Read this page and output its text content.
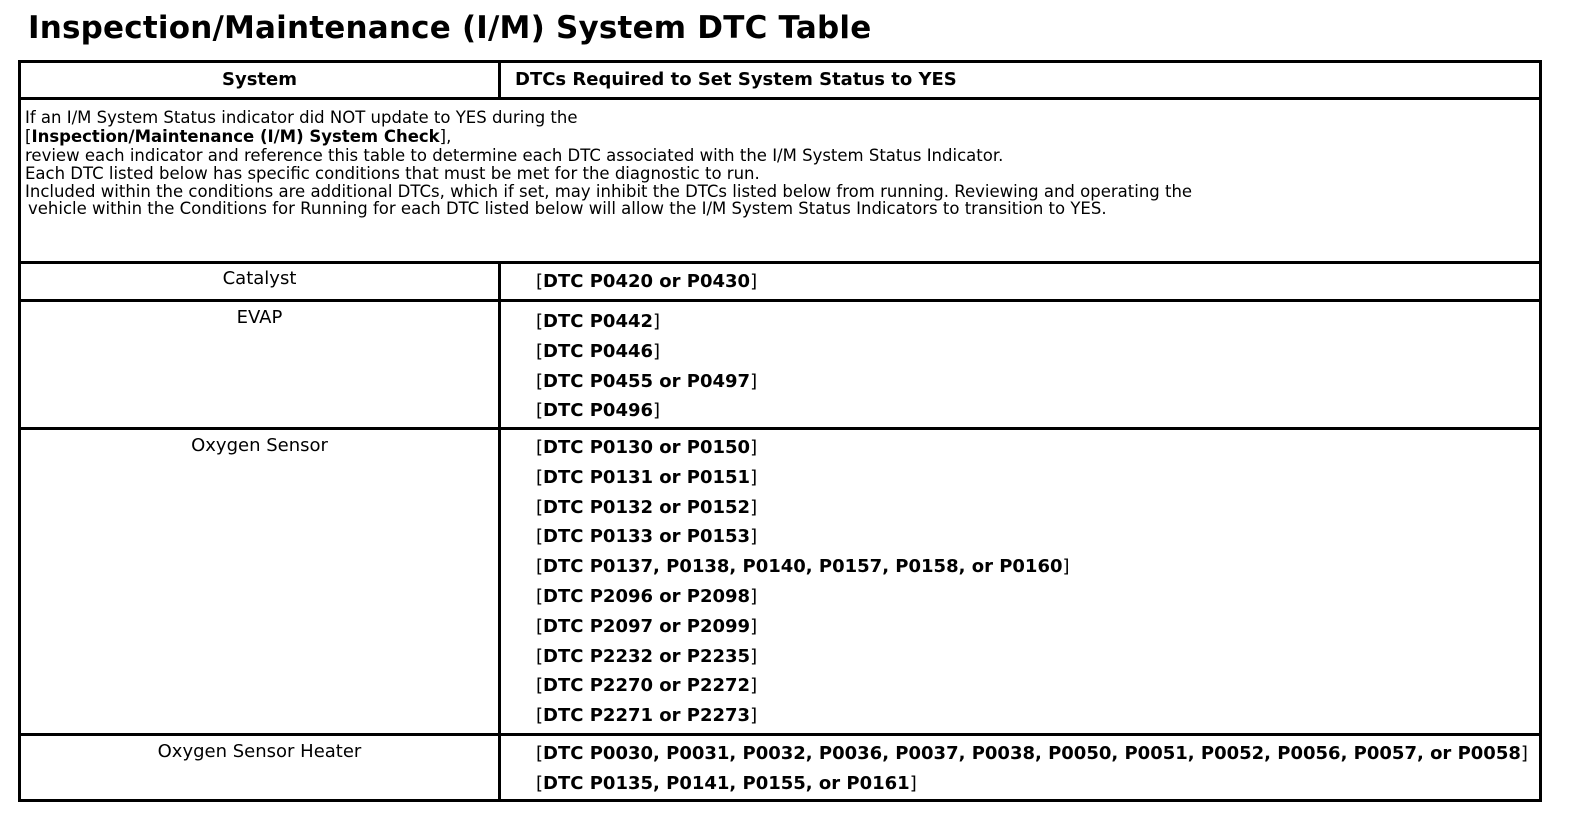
Inspection/Maintenance (I/M) System DTC Table
System	DTCs Required to Set System Status to YES
If an I/M System Status indicator did NOT update to YES during the
[Inspection/Maintenance (I/M) System Check],
review each indicator and reference this table to determine each DTC associated with the I/M System Status Indicator.
Each DTC listed below has specific conditions that must be met for the diagnostic to run.
Included within the conditions are additional DTCs, which if set, may inhibit the DTCs listed below from running. Reviewing and operating the
vehicle within the Conditions for Running for each DTC listed below will allow the I/M System Status Indicators to transition to YES.
Catalyst	[DTC P0420 or P0430]
EVAP	[DTC P0442]
[DTC P0446]
[DTC P0455 or P0497]
[DTC P0496]
Oxygen Sensor	[DTC P0130 or P0150]
[DTC P0131 or P0151]
[DTC P0132 or P0152]
[DTC P0133 or P0153]
[DTC P0137, P0138, P0140, P0157, P0158, or P0160]
[DTC P2096 or P2098]
[DTC P2097 or P2099]
[DTC P2232 or P2235]
[DTC P2270 or P2272]
[DTC P2271 or P2273]
Oxygen Sensor Heater	[DTC P0030, P0031, P0032, P0036, P0037, P0038, P0050, P0051, P0052, P0056, P0057, or P0058]
[DTC P0135, P0141, P0155, or P0161]
